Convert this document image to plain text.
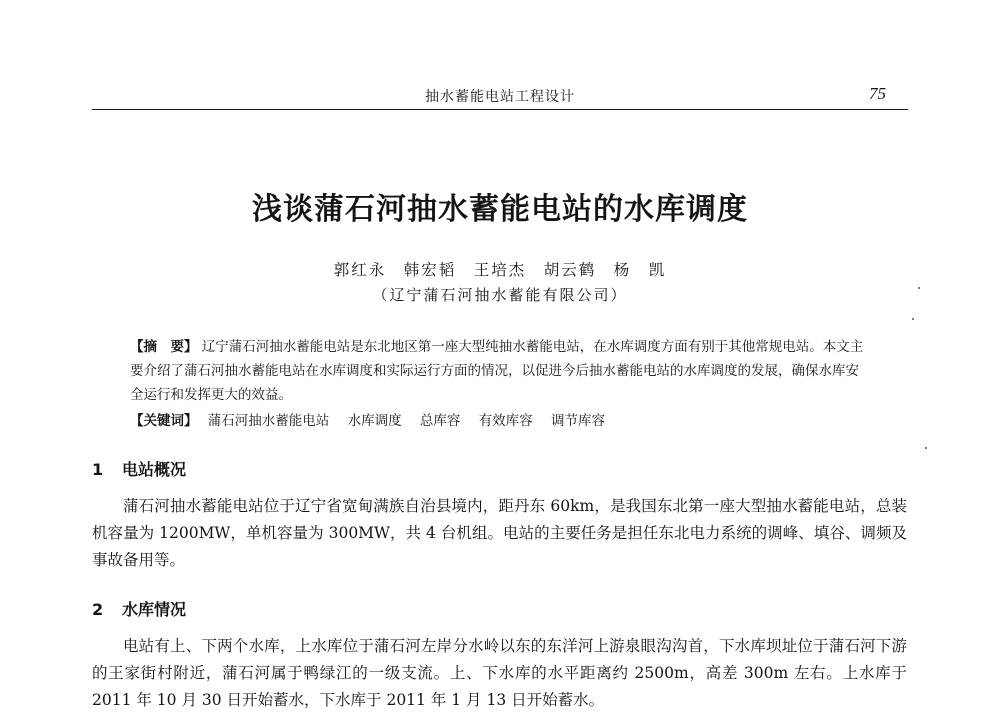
抽水蓄能电站工程设计	75
浅谈蒲石河抽水蓄能电站的水库调度
郭红永　韩宏韬　王培杰　胡云鹤　杨　凯
（辽宁蒲石河抽水蓄能有限公司）
【摘　要】 辽宁蒲石河抽水蓄能电站是东北地区第一座大型纯抽水蓄能电站，在水库调度方面有别于其他常规电站。本文主要介绍了蒲石河抽水蓄能电站在水库调度和实际运行方面的情况，以促进今后抽水蓄能电站的水库调度的发展，确保水库安全运行和发挥更大的效益。
【关键词】 蒲石河抽水蓄能电站 水库调度 总库容 有效库容 调节库容
1 电站概况
蒲石河抽水蓄能电站位于辽宁省宽甸满族自治县境内，距丹东 60km，是我国东北第一座大型抽水蓄能电站，总装机容量为 1200MW，单机容量为 300MW，共 4 台机组。电站的主要任务是担任东北电力系统的调峰、填谷、调频及事故备用等。
2 水库情况
电站有上、下两个水库，上水库位于蒲石河左岸分水岭以东的东洋河上游泉眼沟沟首，下水库坝址位于蒲石河下游的王家街村附近，蒲石河属于鸭绿江的一级支流。上、下水库的水平距离约 2500m，高差 300m 左右。上水库于 2011 年 10 月 30 日开始蓄水，下水库于 2011 年 1 月 13 日开始蓄水。
